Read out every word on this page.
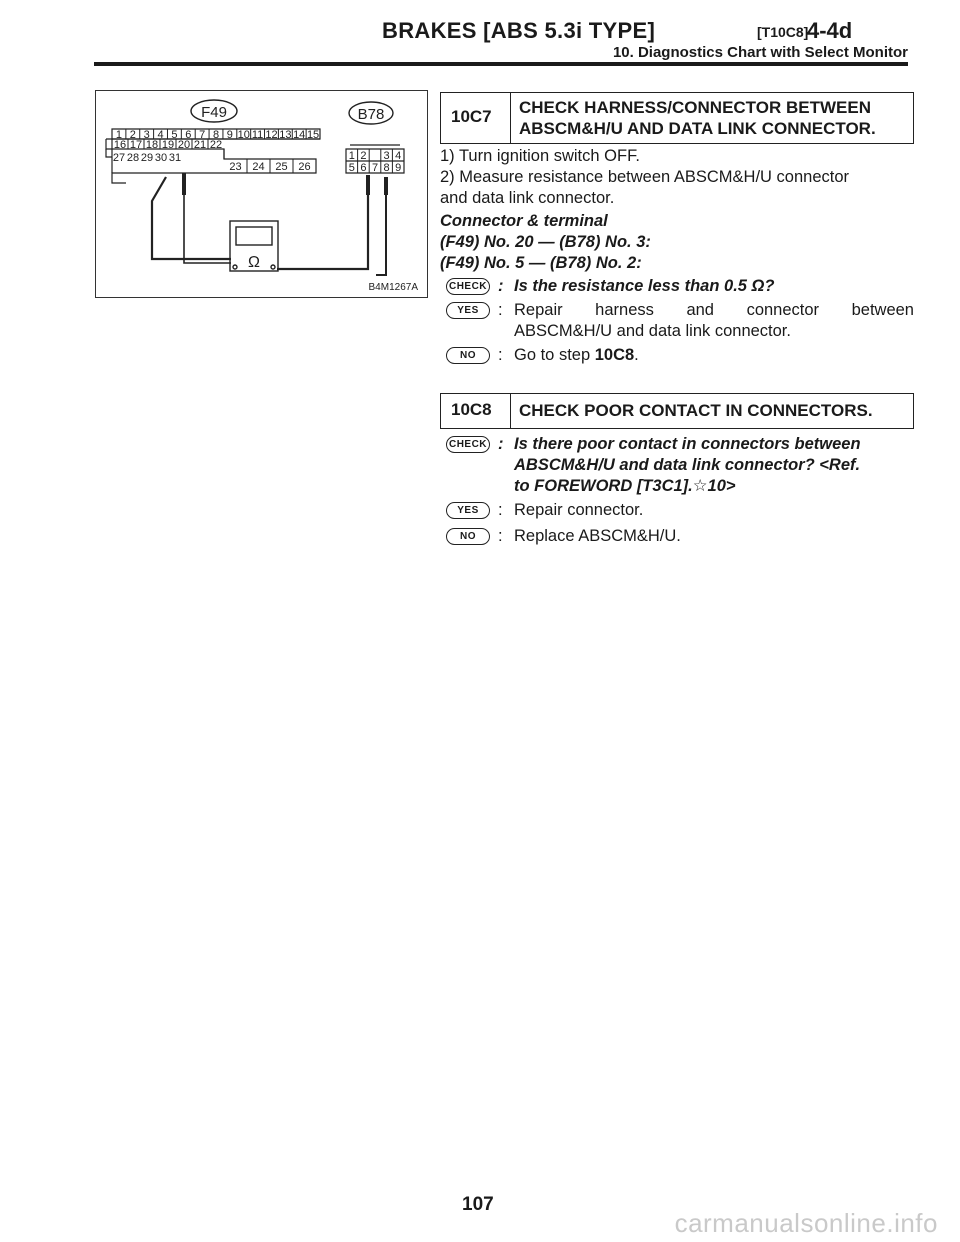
BRAKES [ABS 5.3i TYPE]	[T10C8]
4-4d
10. Diagnostics Chart with Select Monitor
F49	B78
1 2 3 4 5 6 7 8 9 10 11 12 13 14 15
16 17 18 19 20 21 22
23 24 25 26
27 28 29 30 31	1 2 3 4
5 6 7 8 9
Ω
B4M1267A
10C7	CHECK HARNESS/CONNECTOR BETWEEN
ABSCM&H/U AND DATA LINK CONNECTOR.
1) Turn ignition switch OFF.
2) Measure resistance between ABSCM&H/U connector
and data link connector.
Connector & terminal
(F49) No. 20 — (B78) No. 3:
(F49) No. 5 — (B78) No. 2:
CHECK : Is the resistance less than 0.5 Ω?
YES	: Repair harness and connector between
ABSCM&H/U and data link connector.
NO	: Go to step 10C8.
10C8	CHECK POOR CONTACT IN CONNECTORS.
CHECK : Is there poor contact in connectors between
ABSCM&H/U and data link connector? <Ref.
to FOREWORD [T3C1].☆10>
YES	: Repair connector.
NO	: Replace ABSCM&H/U.
107
carmanualsonline.info
